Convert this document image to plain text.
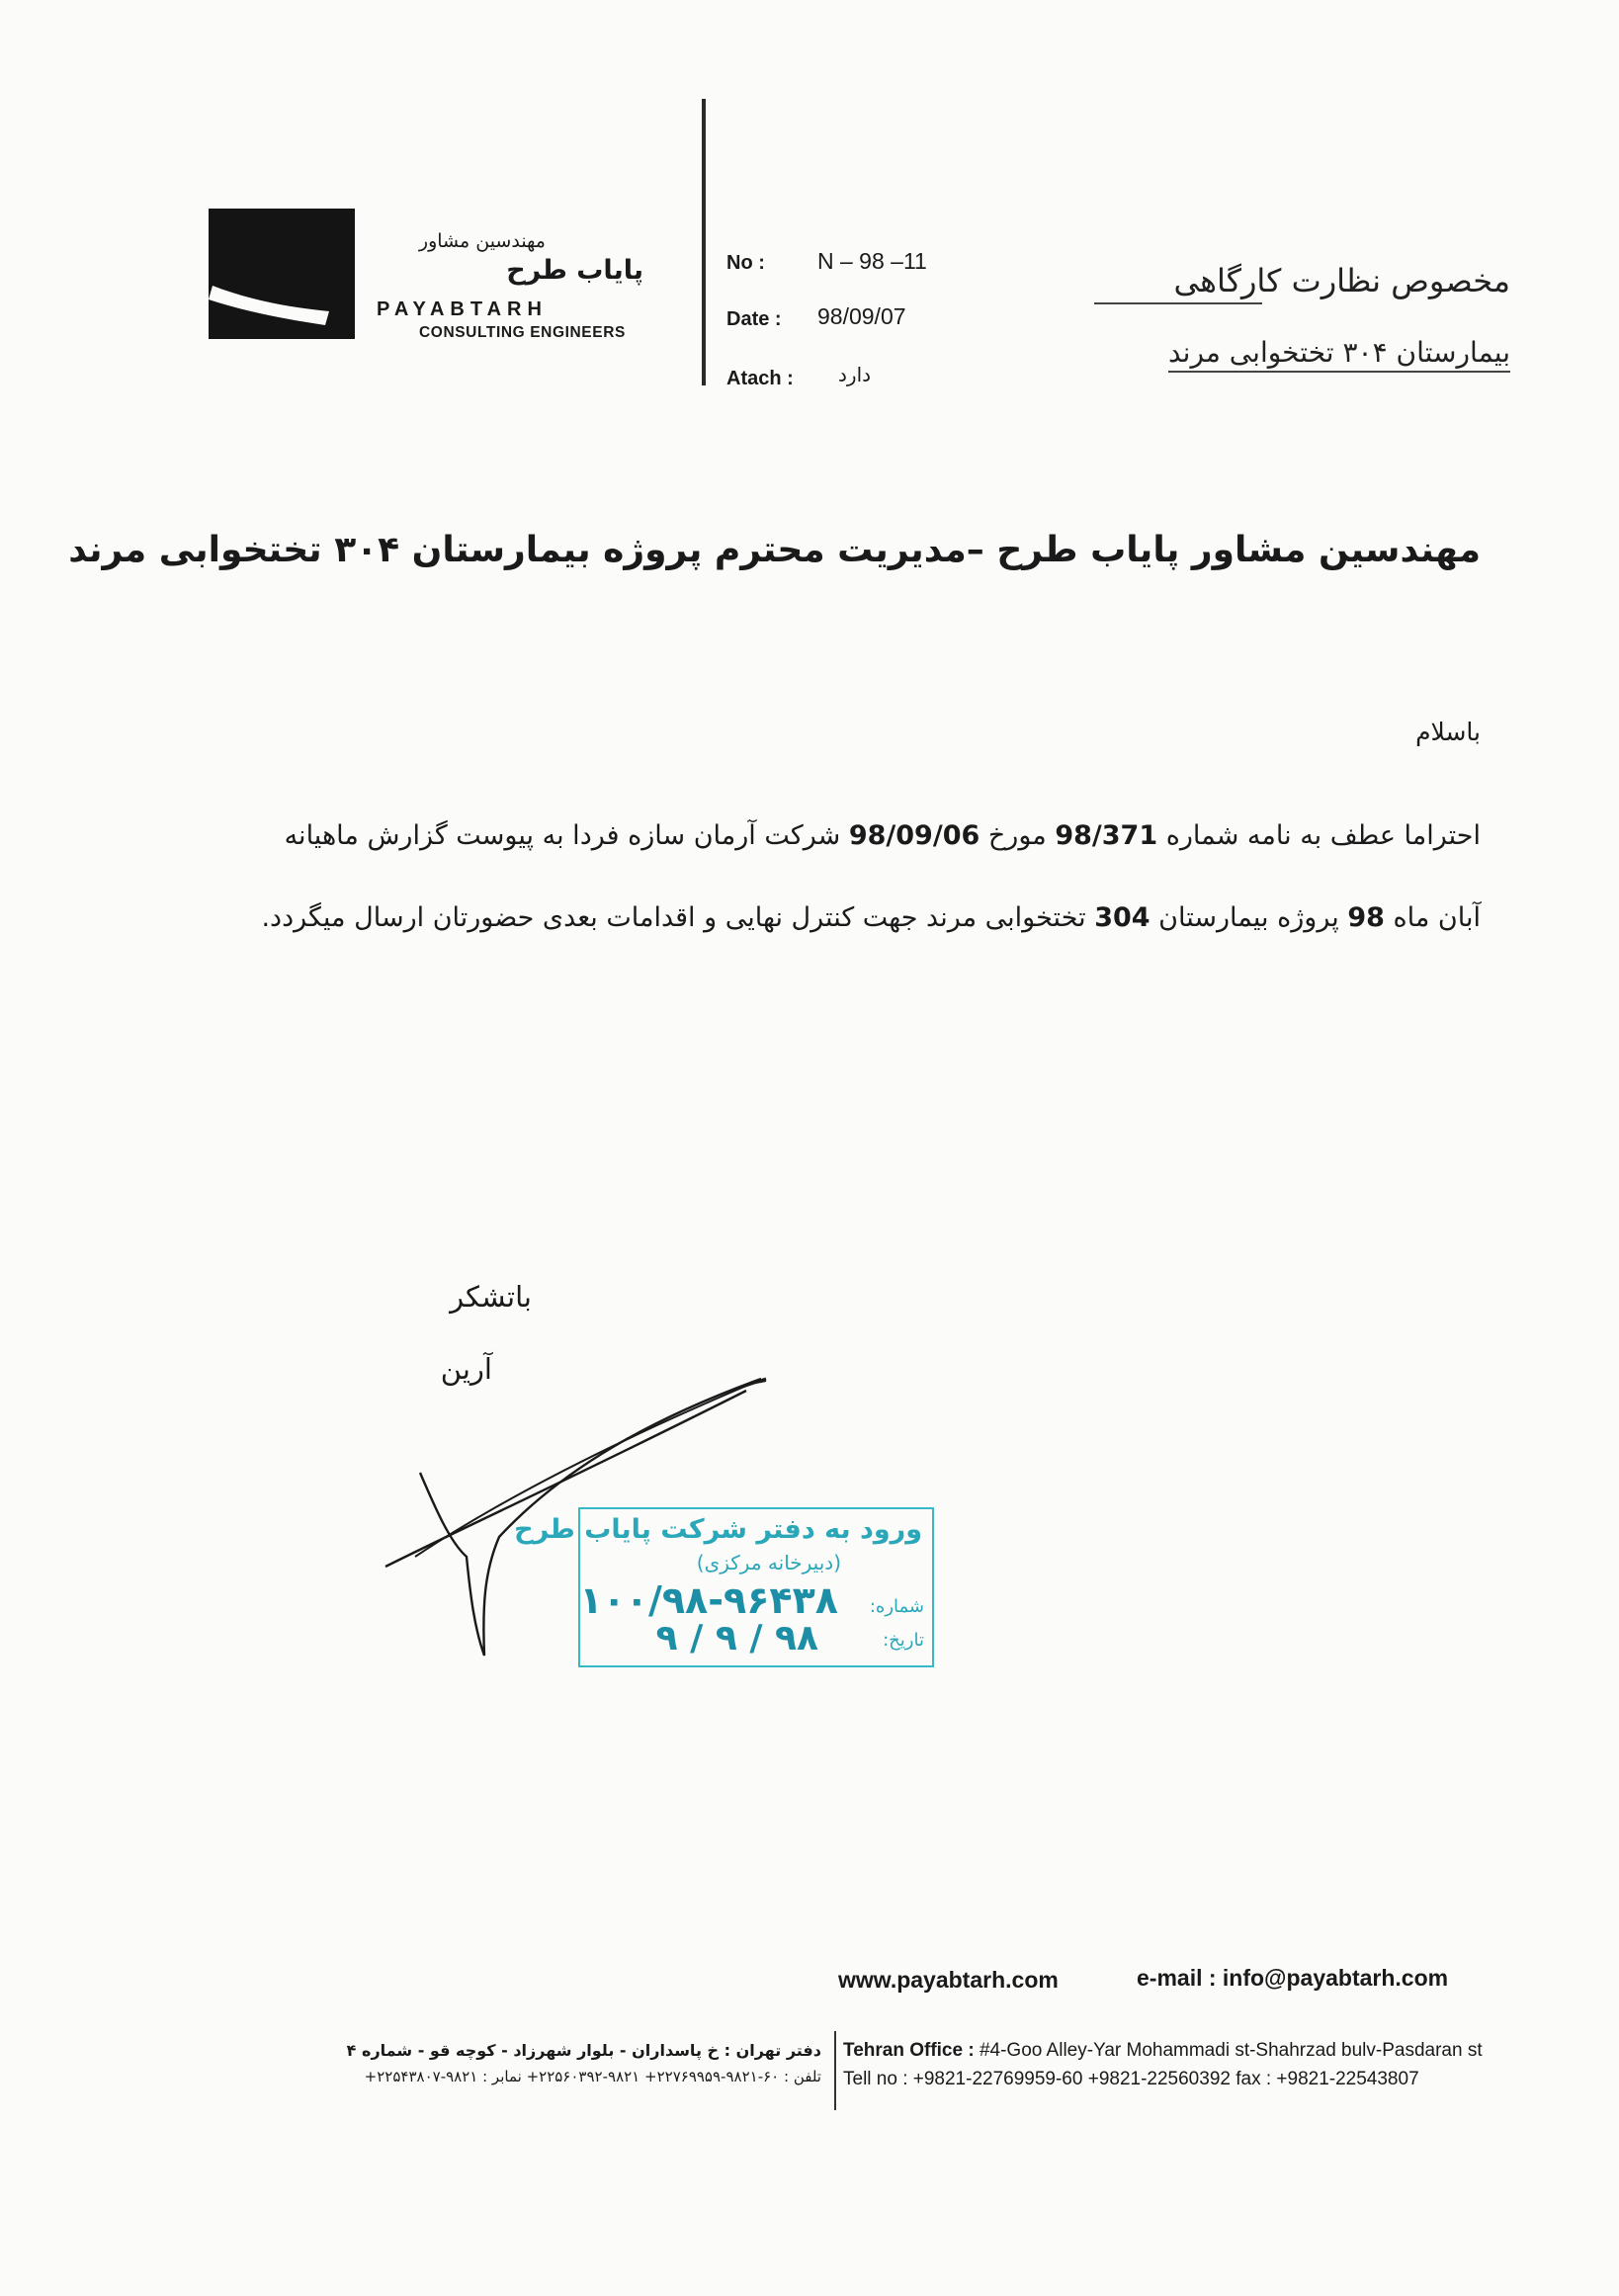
مهندسین مشاور
پایاب طرح
PAYABTARH
CONSULTING ENGINEERS
No : N – 98 –11
Date : 98/09/07
Atach : دارد
مخصوص نظارت کارگاهی
بیمارستان ۳۰۴ تختخوابی مرند
مهندسین مشاور پایاب طرح –مدیریت محترم پروژه بیمارستان ۳۰۴ تختخوابی مرند
باسلام
احتراما عطف به نامه شماره 98/371 مورخ 98/09/06 شرکت آرمان سازه فردا به پیوست گزارش ماهیانه
آبان ماه 98 پروژه بیمارستان 304 تختخوابی مرند جهت کنترل نهایی و اقدامات بعدی حضورتان ارسال میگردد.
باتشکر
آرین
ورود به دفتر شرکت پایاب طرح
(دبیرخانه مرکزی)
شماره:
۱۰۰/۹۸-۹۶۴۳۸
تاریخ:
۹۸ / ۹ / ۹
www.payabtarh.com	e-mail : info@payabtarh.com
Tehran Office : #4-Goo Alley-Yar Mohammadi st-Shahrzad bulv-Pasdaran st
Tell no : +9821-22769959-60 +9821-22560392 fax : +9821-22543807
دفتر تهران : خ پاسداران - بلوار شهرزاد - کوچه قو - شماره ۴
تلفن : ۶۰-۹۸۲۱-۲۲۷۶۹۹۵۹+ ۹۸۲۱-۲۲۵۶۰۳۹۲+ نمابر : ۹۸۲۱-۲۲۵۴۳۸۰۷+
